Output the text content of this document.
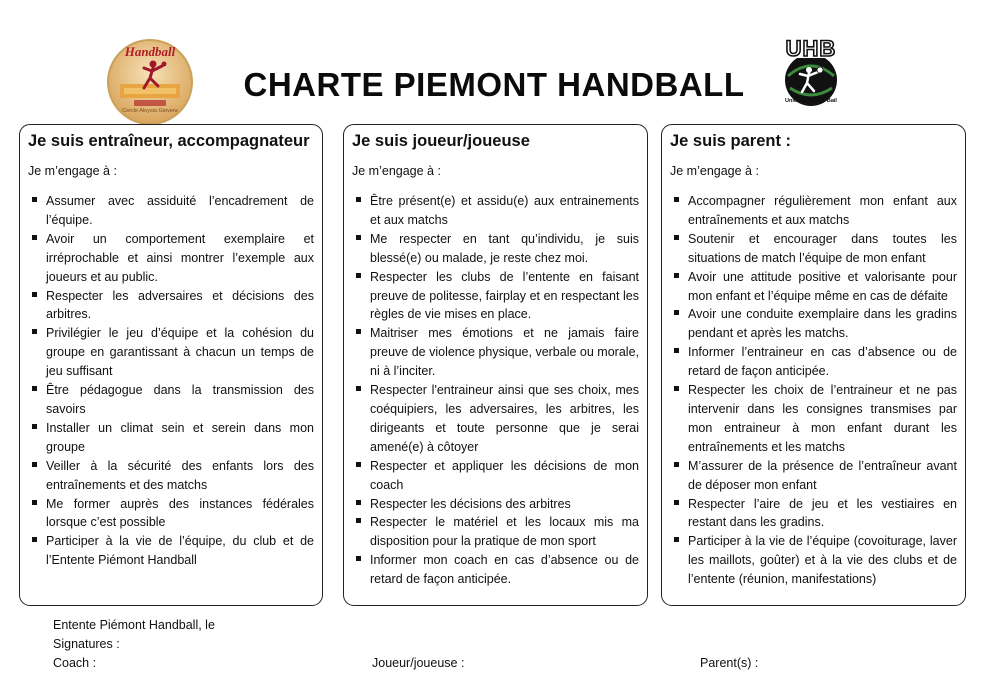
Handball
Cercle Aloysia Giovera
CHARTE PIEMONT HANDBALL
UHB
Union Handball Bail
Je suis entraîneur, accompagnateur
Je m’engage à :
Assumer avec assiduité l’encadrement de l’équipe.
Avoir un comportement exemplaire et irréprochable et ainsi montrer l’exemple aux joueurs et au public.
Respecter les adversaires et décisions des arbitres.
Privilégier le jeu d’équipe et la cohésion du groupe en garantissant à chacun un temps de jeu suffisant
Être pédagogue dans la transmission des savoirs
Installer un climat sein et serein dans mon groupe
Veiller à la sécurité des enfants lors des entraînements et des matchs
Me former auprès des instances fédérales lorsque c’est possible
Participer à la vie de l’équipe, du club et de l’Entente Piémont Handball
Je suis joueur/joueuse
Je m’engage à :
Être présent(e) et assidu(e) aux entrainements et aux matchs
Me respecter en tant qu’individu, je suis blessé(e) ou malade, je reste chez moi.
Respecter les clubs de l’entente en faisant preuve de politesse, fairplay et en respectant les règles de vie mises en place.
Maitriser mes émotions et ne jamais faire preuve de violence physique, verbale ou morale, ni à l’inciter.
Respecter l'entraineur ainsi que ses choix, mes coéquipiers, les adversaires, les arbitres, les dirigeants et toute personne que je serai amené(e) à côtoyer
Respecter et appliquer les décisions de mon coach
Respecter les décisions des arbitres
Respecter le matériel et les locaux mis ma disposition pour la pratique de mon sport
Informer mon coach en cas d’absence ou de retard de façon anticipée.
Je suis parent :
Je m’engage à :
Accompagner régulièrement mon enfant aux entraînements et aux matchs
Soutenir et encourager dans toutes les situations de match l’équipe de mon enfant
Avoir une attitude positive et valorisante pour mon enfant et l’équipe même en cas de défaite
Avoir une conduite exemplaire dans les gradins pendant et après les matchs.
Informer l’entraineur en cas d’absence ou de retard de façon anticipée.
Respecter les choix de l’entraineur et ne pas intervenir dans les consignes transmises par mon entraineur à mon enfant durant les entraînements et les matchs
M’assurer de la présence de l’entraîneur avant de déposer mon enfant
Respecter l’aire de jeu et les vestiaires en restant dans les gradins.
Participer à la vie de l’équipe (covoiturage, laver les maillots, goûter) et à la vie des clubs et de l’entente (réunion, manifestations)
Entente Piémont Handball, le
Signatures :
Coach :	Joueur/joueuse :	Parent(s) :
